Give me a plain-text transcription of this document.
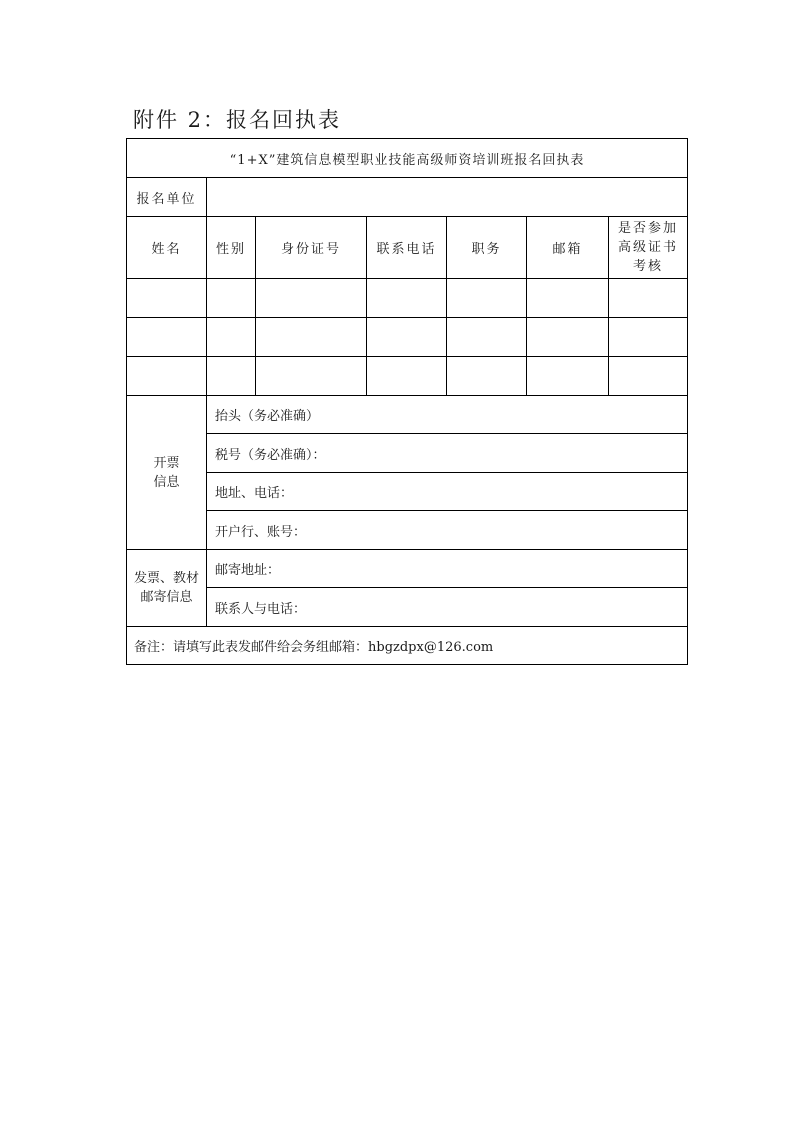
附件 2：报名回执表
“1+X”建筑信息模型职业技能高级师资培训班报名回执表						
报名单位						
姓名	性别	身份证号	联系电话	职务	邮箱	是否参加
高级证书
考核

开票
信息	抬头（务必准确）					
	税号（务必准确）：					
	地址、电话：					
	开户行、账号：					

发票、教材
邮寄信息	邮寄地址：					
	联系人与电话：					
备注：请填写此表发邮件给会务组邮箱：hbgzdpx@126.com						
